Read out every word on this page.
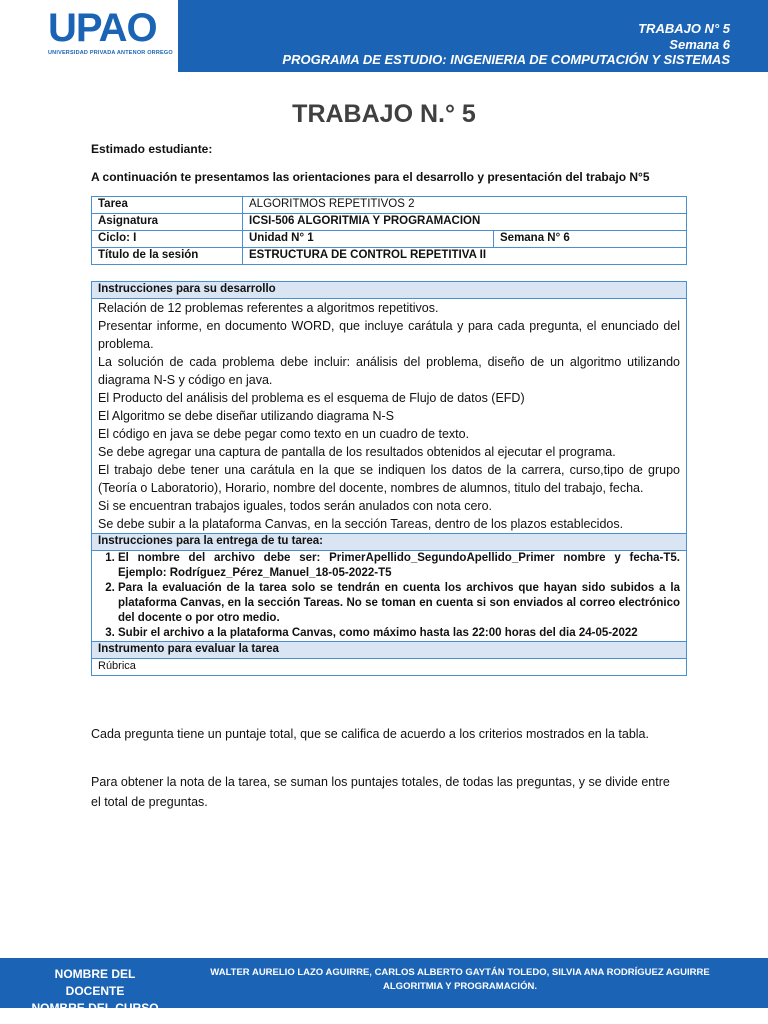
UPAO
UNIVERSIDAD PRIVADA ANTENOR ORREGO
TRABAJO N° 5
Semana 6
PROGRAMA DE ESTUDIO: INGENIERIA DE COMPUTACIÓN Y SISTEMAS
TRABAJO N.° 5
Estimado estudiante:
A continuación te presentamos las orientaciones para el desarrollo y presentación del trabajo N°5
Tarea	ALGORITMOS REPETITIVOS 2	
Asignatura	ICSI-506 ALGORITMIA Y PROGRAMACION	
Ciclo: I	Unidad N° 1	Semana N° 6
Título de la sesión	ESTRUCTURA DE CONTROL REPETITIVA II	
Instrucciones para su desarrollo

Relación de 12 problemas referentes a algoritmos repetitivos.
Presentar informe, en documento WORD, que incluye carátula y para cada pregunta, el enunciado del problema.
La solución de cada problema debe incluir: análisis del problema, diseño de un algoritmo utilizando diagrama N-S y código en java.
El Producto del análisis del problema es el esquema de Flujo de datos (EFD)
El Algoritmo se debe diseñar utilizando diagrama N-S
El código en java se debe pegar como texto en un cuadro de texto.
Se debe agregar una captura de pantalla de los resultados obtenidos al ejecutar el programa.
El trabajo debe tener una carátula en la que se indiquen los datos de la carrera, curso,tipo de grupo (Teoría o Laboratorio), Horario, nombre del docente, nombres de alumnos, titulo del trabajo, fecha.
Si se encuentran trabajos iguales, todos serán anulados con nota cero.
Se debe subir a la plataforma Canvas, en la sección Tareas, dentro de los plazos establecidos.

Instrucciones para la entrega de tu tarea:

1. El nombre del archivo debe ser: PrimerApellido_SegundoApellido_Primer nombre y fecha-T5. Ejemplo: Rodríguez_Pérez_Manuel_18-05-2022-T5
2. Para la evaluación de la tarea solo se tendrán en cuenta los archivos que hayan sido subidos a la plataforma Canvas, en la sección Tareas. No se toman en cuenta si son enviados al correo electrónico del docente o por otro medio.
3. Subir el archivo a la plataforma Canvas, como máximo hasta las 22:00 horas del dia 24-05-2022

Instrumento para evaluar la tarea
Rúbrica
Cada pregunta tiene un puntaje total, que se califica de acuerdo a los criterios mostrados en la tabla.
Para obtener la nota de la tarea, se suman los puntajes totales, de todas las preguntas, y se divide entre el total de preguntas.
NOMBRE DEL DOCENTE
NOMBRE DEL CURSO
WALTER AURELIO LAZO AGUIRRE, CARLOS ALBERTO GAYTÁN TOLEDO, SILVIA ANA RODRÍGUEZ AGUIRRE
ALGORITMIA Y PROGRAMACIÓN.
